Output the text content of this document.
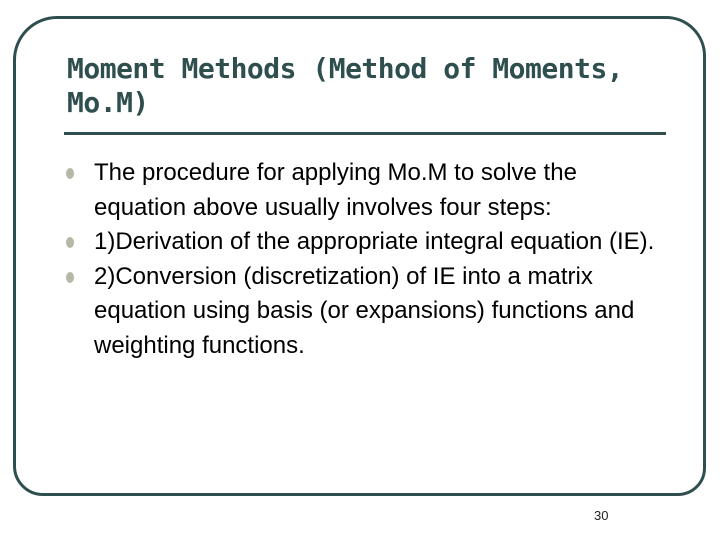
Moment Methods (Method of Moments, Mo.M)
The procedure for applying Mo.M to solve the equation above usually involves four steps:
1)Derivation of the appropriate integral equation (IE).
2)Conversion (discretization) of IE into a matrix equation using basis (or expansions) functions and weighting functions.
30
